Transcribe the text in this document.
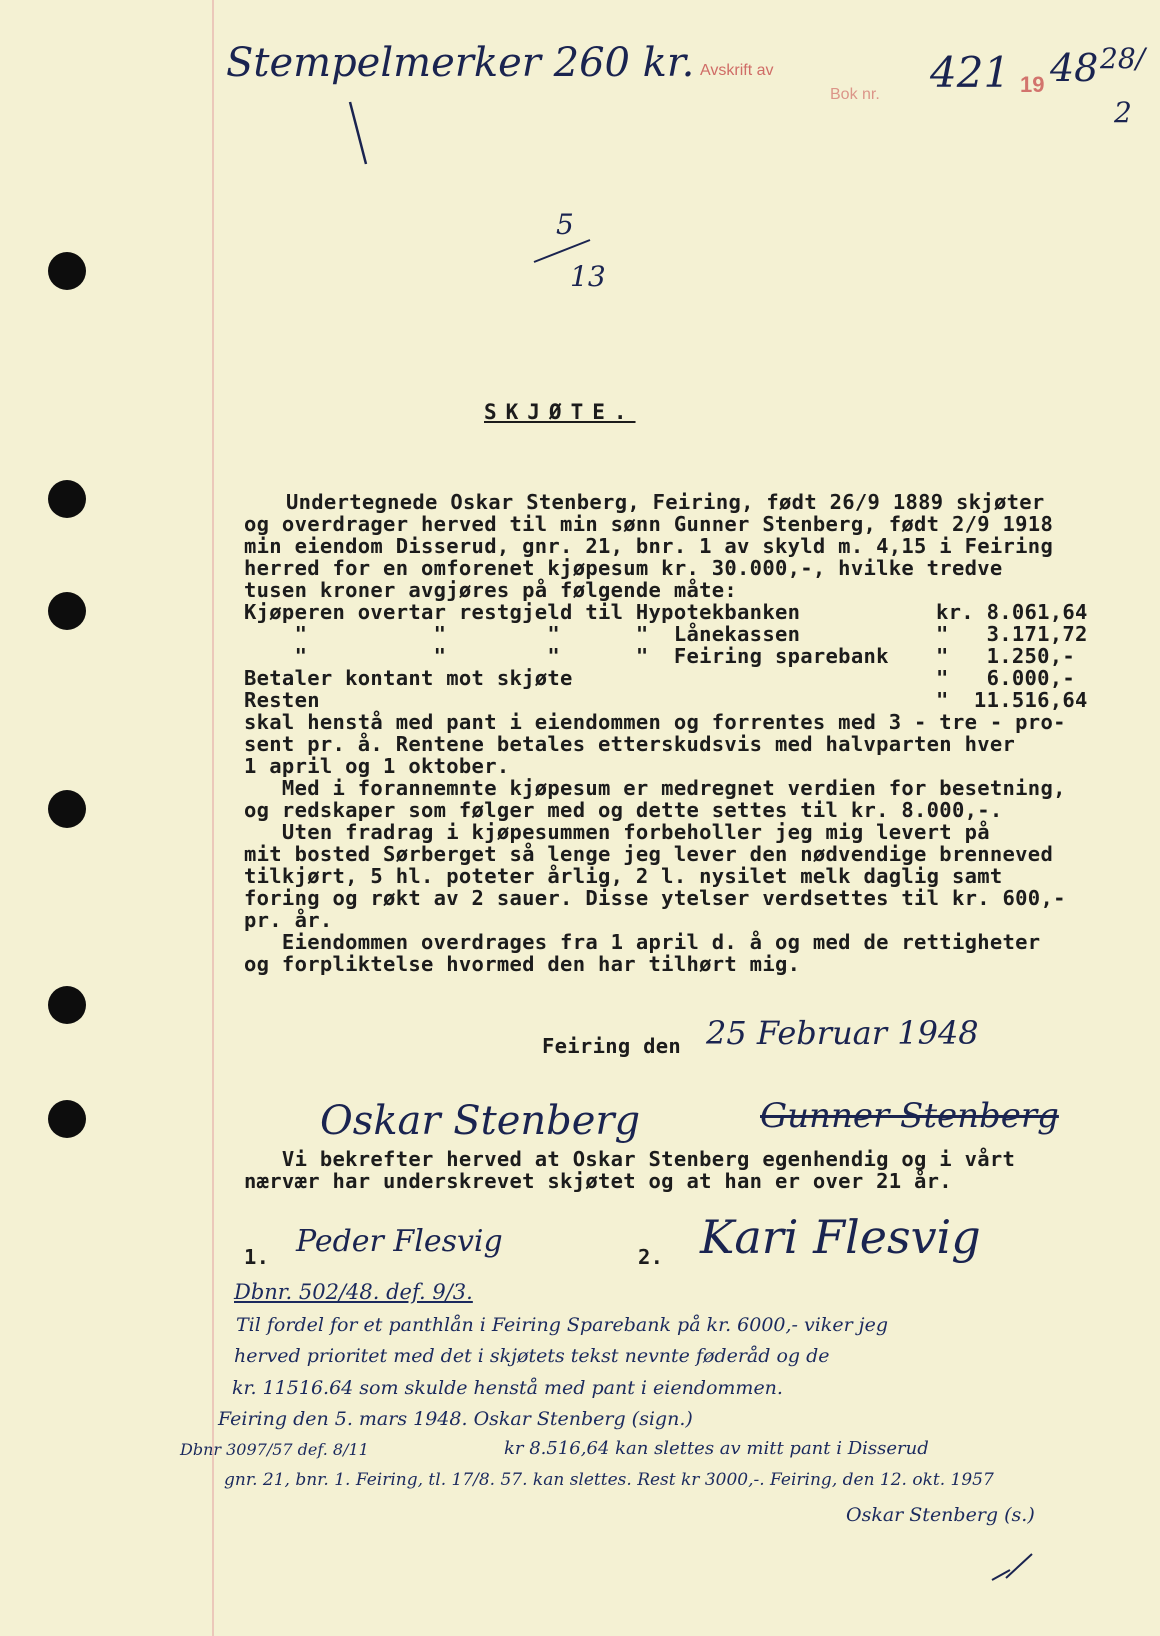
Stempelmerker 260 kr. Avskrift av
Bok nr. 421 19 48 28/
2
5
13
SKJØTE.
Undertegnede Oskar Stenberg, Feiring, født 26/9 1889 skjøter
og overdrager herved til min sønn Gunner Stenberg, født 2/9 1918
min eiendom Disserud, gnr. 21, bnr. 1 av skyld m. 4,15 i Feiring
herred for en omforenet kjøpesum kr. 30.000,-, hvilke tredve
tusen kroner avgjøres på følgende måte:
Kjøperen overtar restgjeld til Hypotekbanken	kr. 8.061,64
"          "        "      "  Lånekassen	"   3.171,72
"          "        "      "  Feiring sparebank "   1.250,-
Betaler kontant mot skjøte	"   6.000,-
Resten	"  11.516,64
skal henstå med pant i eiendommen og forrentes med 3 - tre - pro-
sent pr. å. Rentene betales etterskudsvis med halvparten hver
1 april og 1 oktober.
Med i forannemnte kjøpesum er medregnet verdien for besetning,
og redskaper som følger med og dette settes til kr. 8.000,-.
Uten fradrag i kjøpesummen forbeholler jeg mig levert på
mit bosted Sørberget så lenge jeg lever den nødvendige brenneved
tilkjørt, 5 hl. poteter årlig, 2 l. nysilet melk daglig samt
foring og røkt av 2 sauer. Disse ytelser verdsettes til kr. 600,-
pr. år.
Eiendommen overdrages fra 1 april d. å og med de rettigheter
og forpliktelse hvormed den har tilhørt mig.
Feiring den 25 Februar 1948
Oskar Stenberg	Gunner Stenberg
Vi bekrefter herved at Oskar Stenberg egenhendig og i vårt
nærvær har underskrevet skjøtet og at han er over 21 år.
1. Peder Flesvig	2. Kari Flesvig
Dbnr. 502/48. def. 9/3.
Til fordel for et panthlån i Feiring Sparebank på kr. 6000,- viker jeg
herved prioritet med det i skjøtets tekst nevnte føderåd og de
kr. 11516.64 som skulde henstå med pant i eiendommen.
Feiring den 5. mars 1948. Oskar Stenberg (sign.)
Dbnr 3097/57 def. 8/11	kr 8.516,64 kan slettes av mitt pant i Disserud
gnr. 21, bnr. 1. Feiring, tl. 17/8. 57. kan slettes. Rest kr 3000,-. Feiring, den 12. okt. 1957
Oskar Stenberg (s.)
